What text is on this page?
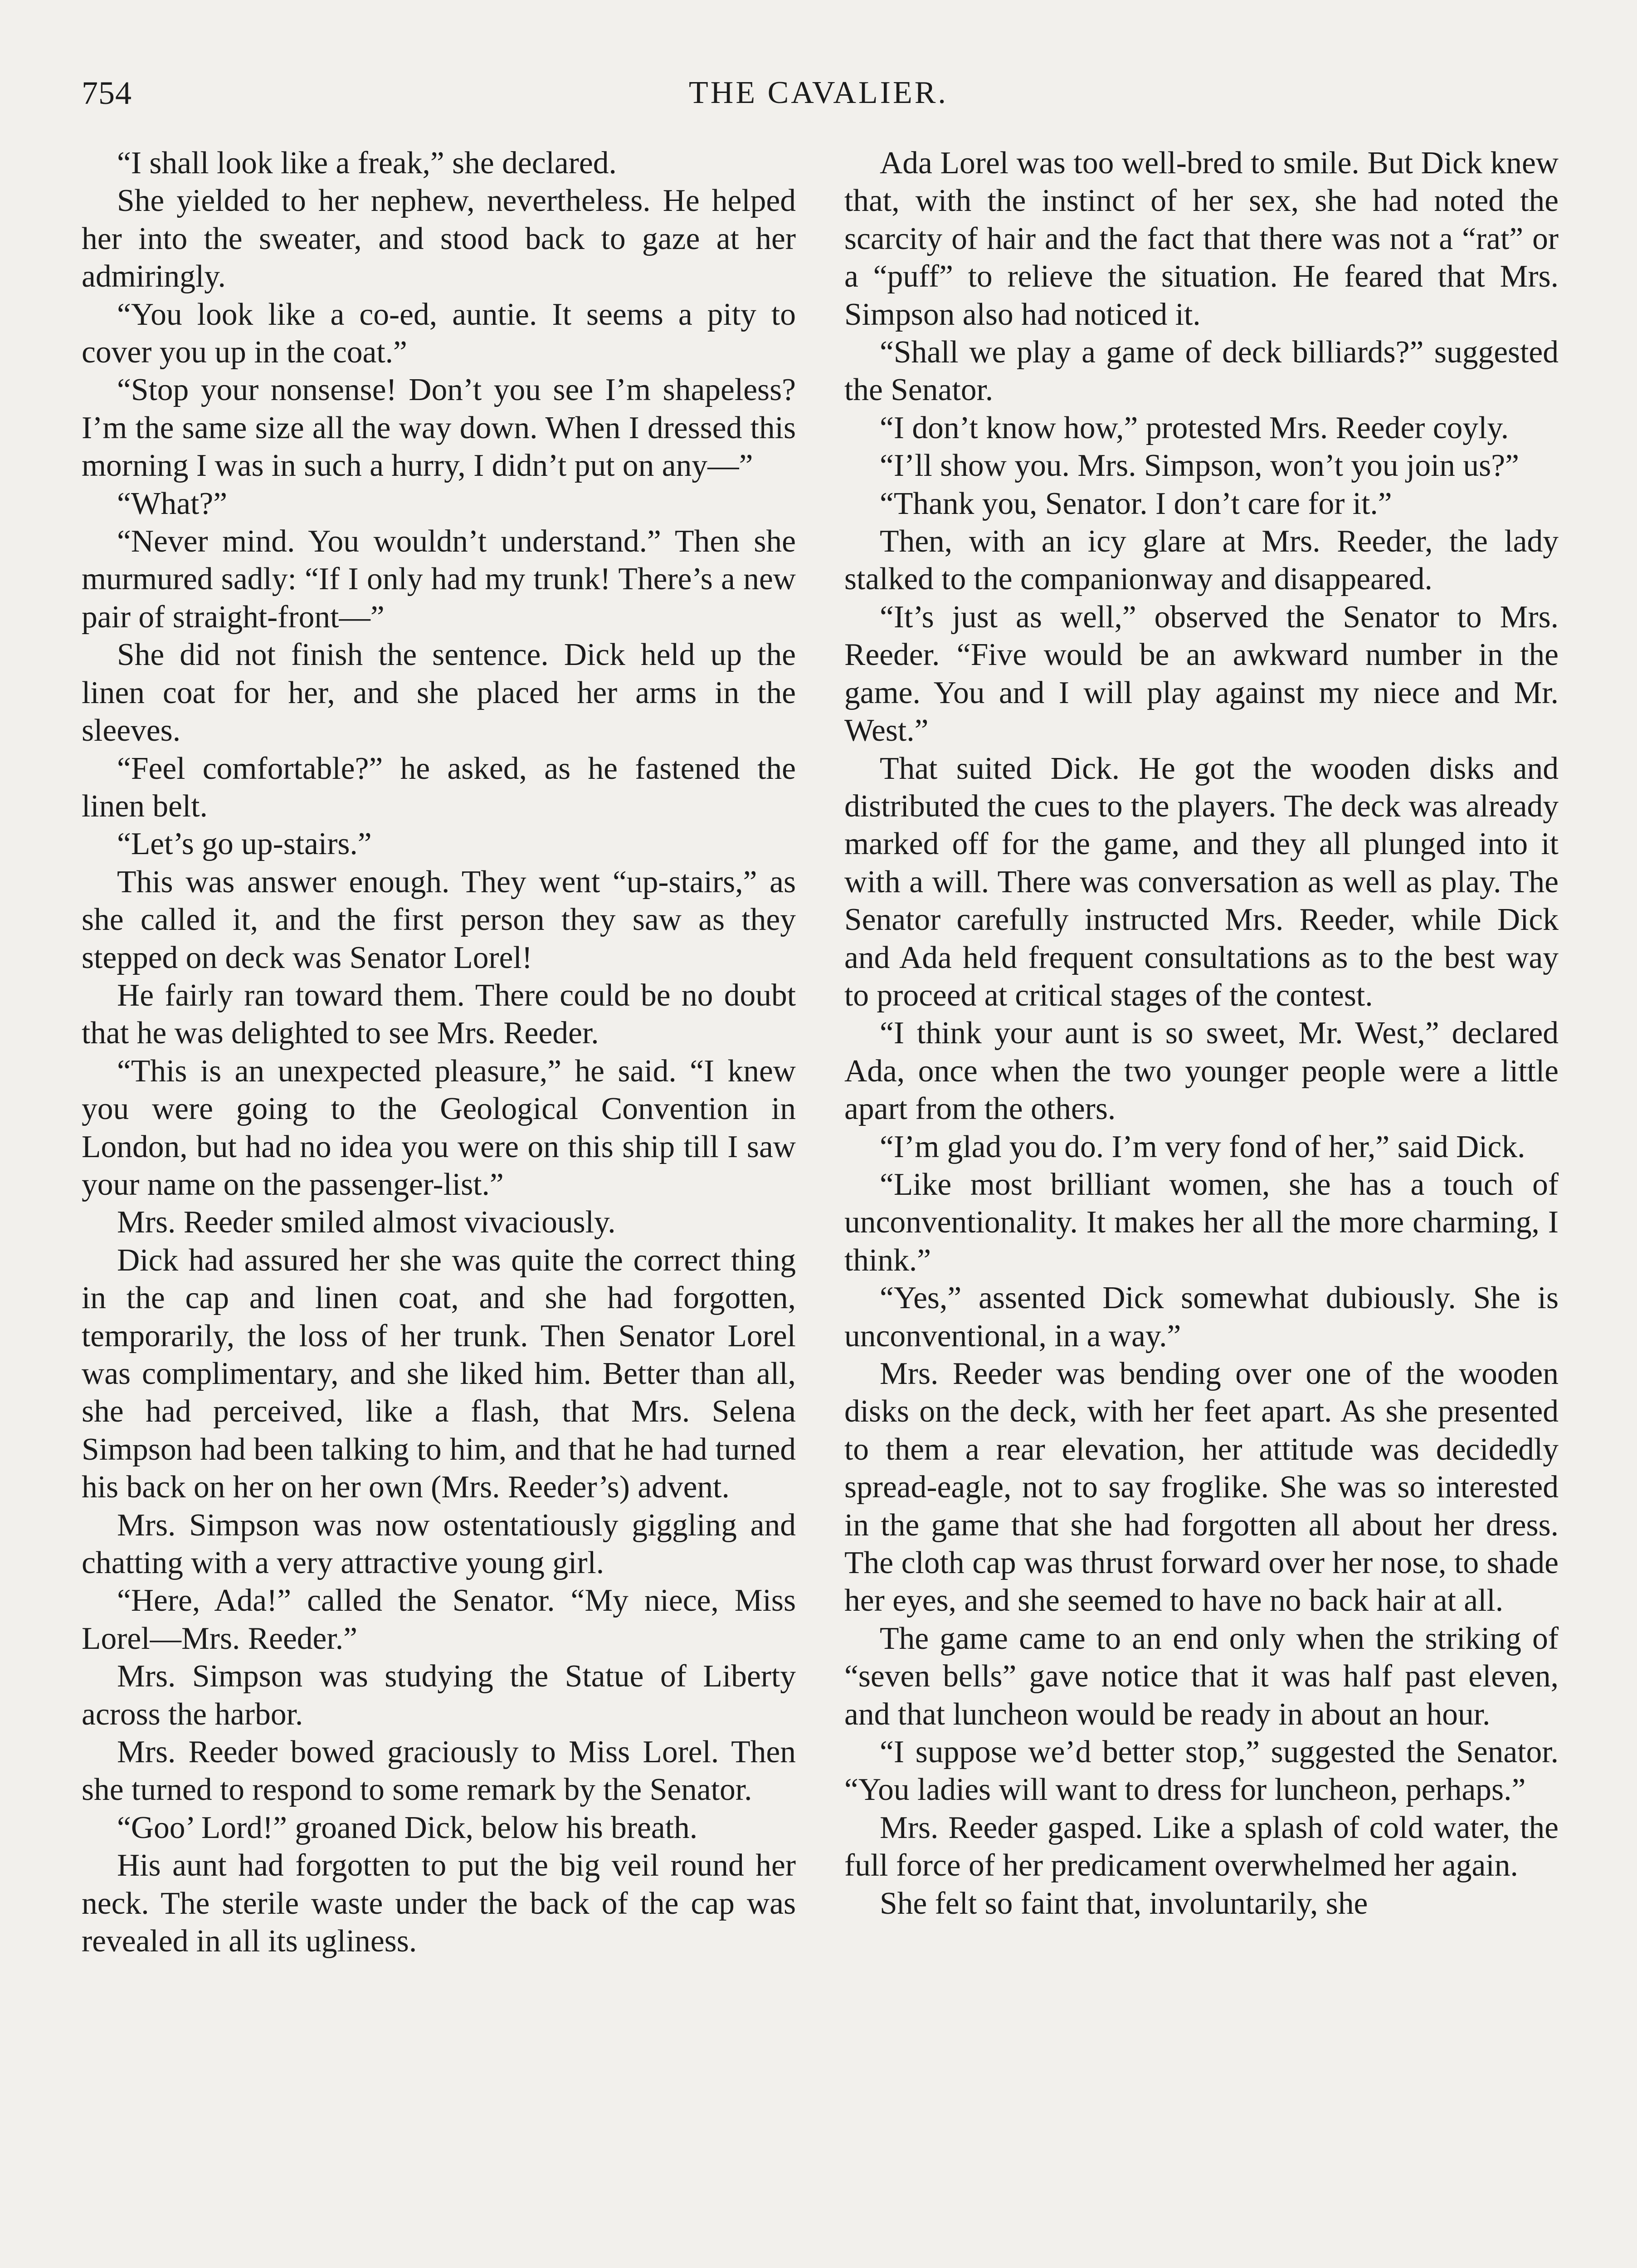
754	THE CAVALIER.

“I shall look like a freak,” she declared.

She yielded to her nephew, nevertheless. He helped her into the sweater, and stood back to gaze at her admiringly.

“You look like a co-ed, auntie. It seems a pity to cover you up in the coat.”

“Stop your nonsense! Don’t you see I’m shapeless? I’m the same size all the way down. When I dressed this morning I was in such a hurry, I didn’t put on any—”

“What?”

“Never mind. You wouldn’t understand.” Then she murmured sadly: “If I only had my trunk! There’s a new pair of straight-front—”

She did not finish the sentence. Dick held up the linen coat for her, and she placed her arms in the sleeves.

“Feel comfortable?” he asked, as he fastened the linen belt.

“Let’s go up-stairs.”

This was answer enough. They went “up-stairs,” as she called it, and the first person they saw as they stepped on deck was Senator Lorel!

He fairly ran toward them. There could be no doubt that he was delighted to see Mrs. Reeder.

“This is an unexpected pleasure,” he said. “I knew you were going to the Geological Convention in London, but had no idea you were on this ship till I saw your name on the passenger-list.”

Mrs. Reeder smiled almost vivaciously.

Dick had assured her she was quite the correct thing in the cap and linen coat, and she had forgotten, temporarily, the loss of her trunk. Then Senator Lorel was complimentary, and she liked him. Better than all, she had perceived, like a flash, that Mrs. Selena Simpson had been talking to him, and that he had turned his back on her on her own (Mrs. Reeder’s) advent.

Mrs. Simpson was now ostentatiously giggling and chatting with a very attractive young girl.

“Here, Ada!” called the Senator. “My niece, Miss Lorel—Mrs. Reeder.”

Mrs. Simpson was studying the Statue of Liberty across the harbor.

Mrs. Reeder bowed graciously to Miss Lorel. Then she turned to respond to some remark by the Senator.

“Goo’ Lord!” groaned Dick, below his breath.

His aunt had forgotten to put the big veil round her neck. The sterile waste under the back of the cap was revealed in all its ugliness.

Ada Lorel was too well-bred to smile. But Dick knew that, with the instinct of her sex, she had noted the scarcity of hair and the fact that there was not a “rat” or a “puff” to relieve the situation. He feared that Mrs. Simpson also had noticed it.

“Shall we play a game of deck billiards?” suggested the Senator.

“I don’t know how,” protested Mrs. Reeder coyly.

“I’ll show you. Mrs. Simpson, won’t you join us?”

“Thank you, Senator. I don’t care for it.”

Then, with an icy glare at Mrs. Reeder, the lady stalked to the companionway and disappeared.

“It’s just as well,” observed the Senator to Mrs. Reeder. “Five would be an awkward number in the game. You and I will play against my niece and Mr. West.”

That suited Dick. He got the wooden disks and distributed the cues to the players. The deck was already marked off for the game, and they all plunged into it with a will. There was conversation as well as play. The Senator carefully instructed Mrs. Reeder, while Dick and Ada held frequent consultations as to the best way to proceed at critical stages of the contest.

“I think your aunt is so sweet, Mr. West,” declared Ada, once when the two younger people were a little apart from the others.

“I’m glad you do. I’m very fond of her,” said Dick.

“Like most brilliant women, she has a touch of unconventionality. It makes her all the more charming, I think.”

“Yes,” assented Dick somewhat dubiously. She is unconventional, in a way.”

Mrs. Reeder was bending over one of the wooden disks on the deck, with her feet apart. As she presented to them a rear elevation, her attitude was decidedly spread-eagle, not to say froglike. She was so interested in the game that she had forgotten all about her dress. The cloth cap was thrust forward over her nose, to shade her eyes, and she seemed to have no back hair at all.

The game came to an end only when the striking of “seven bells” gave notice that it was half past eleven, and that luncheon would be ready in about an hour.

“I suppose we’d better stop,” suggested the Senator. “You ladies will want to dress for luncheon, perhaps.”

Mrs. Reeder gasped. Like a splash of cold water, the full force of her predicament overwhelmed her again.

She felt so faint that, involuntarily, she
